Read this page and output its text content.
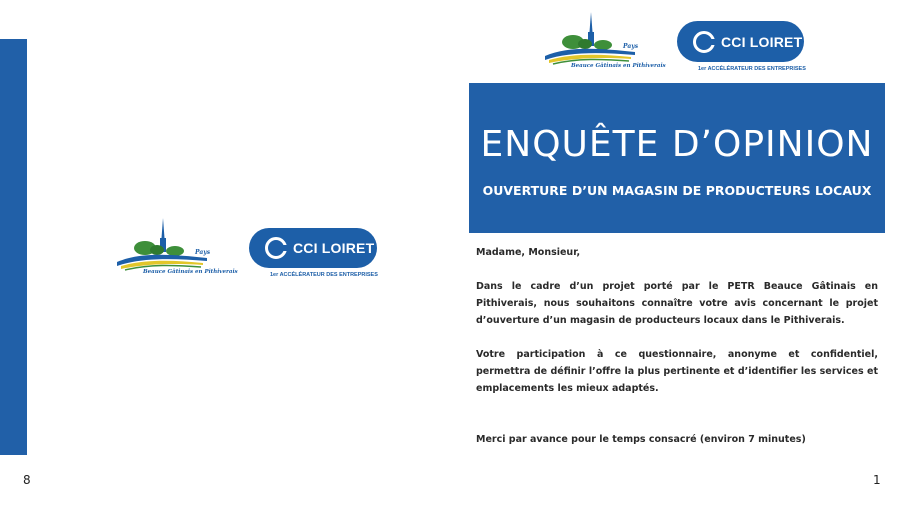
Pays
Beauce Gâtinais en Pithiverais
CCI LOIRET
1er ACCÉLÉRATEUR DES ENTREPRISES
Pays
Beauce Gâtinais en Pithiverais
CCI LOIRET
1er ACCÉLÉRATEUR DES ENTREPRISES
ENQUÊTE D’OPINION
OUVERTURE D’UN MAGASIN DE PRODUCTEURS LOCAUX

Madame, Monsieur,

Dans le cadre d’un projet porté par le PETR Beauce Gâtinais en Pithiverais, nous souhaitons connaître votre avis concernant le projet d’ouverture d’un magasin de producteurs locaux dans le Pithiverais.

Votre participation à ce questionnaire, anonyme et confidentiel, permettra de définir l’offre la plus pertinente et d’identifier les services et emplacements les mieux adaptés.

Merci par avance pour le temps consacré (environ 7 minutes)

8	1
